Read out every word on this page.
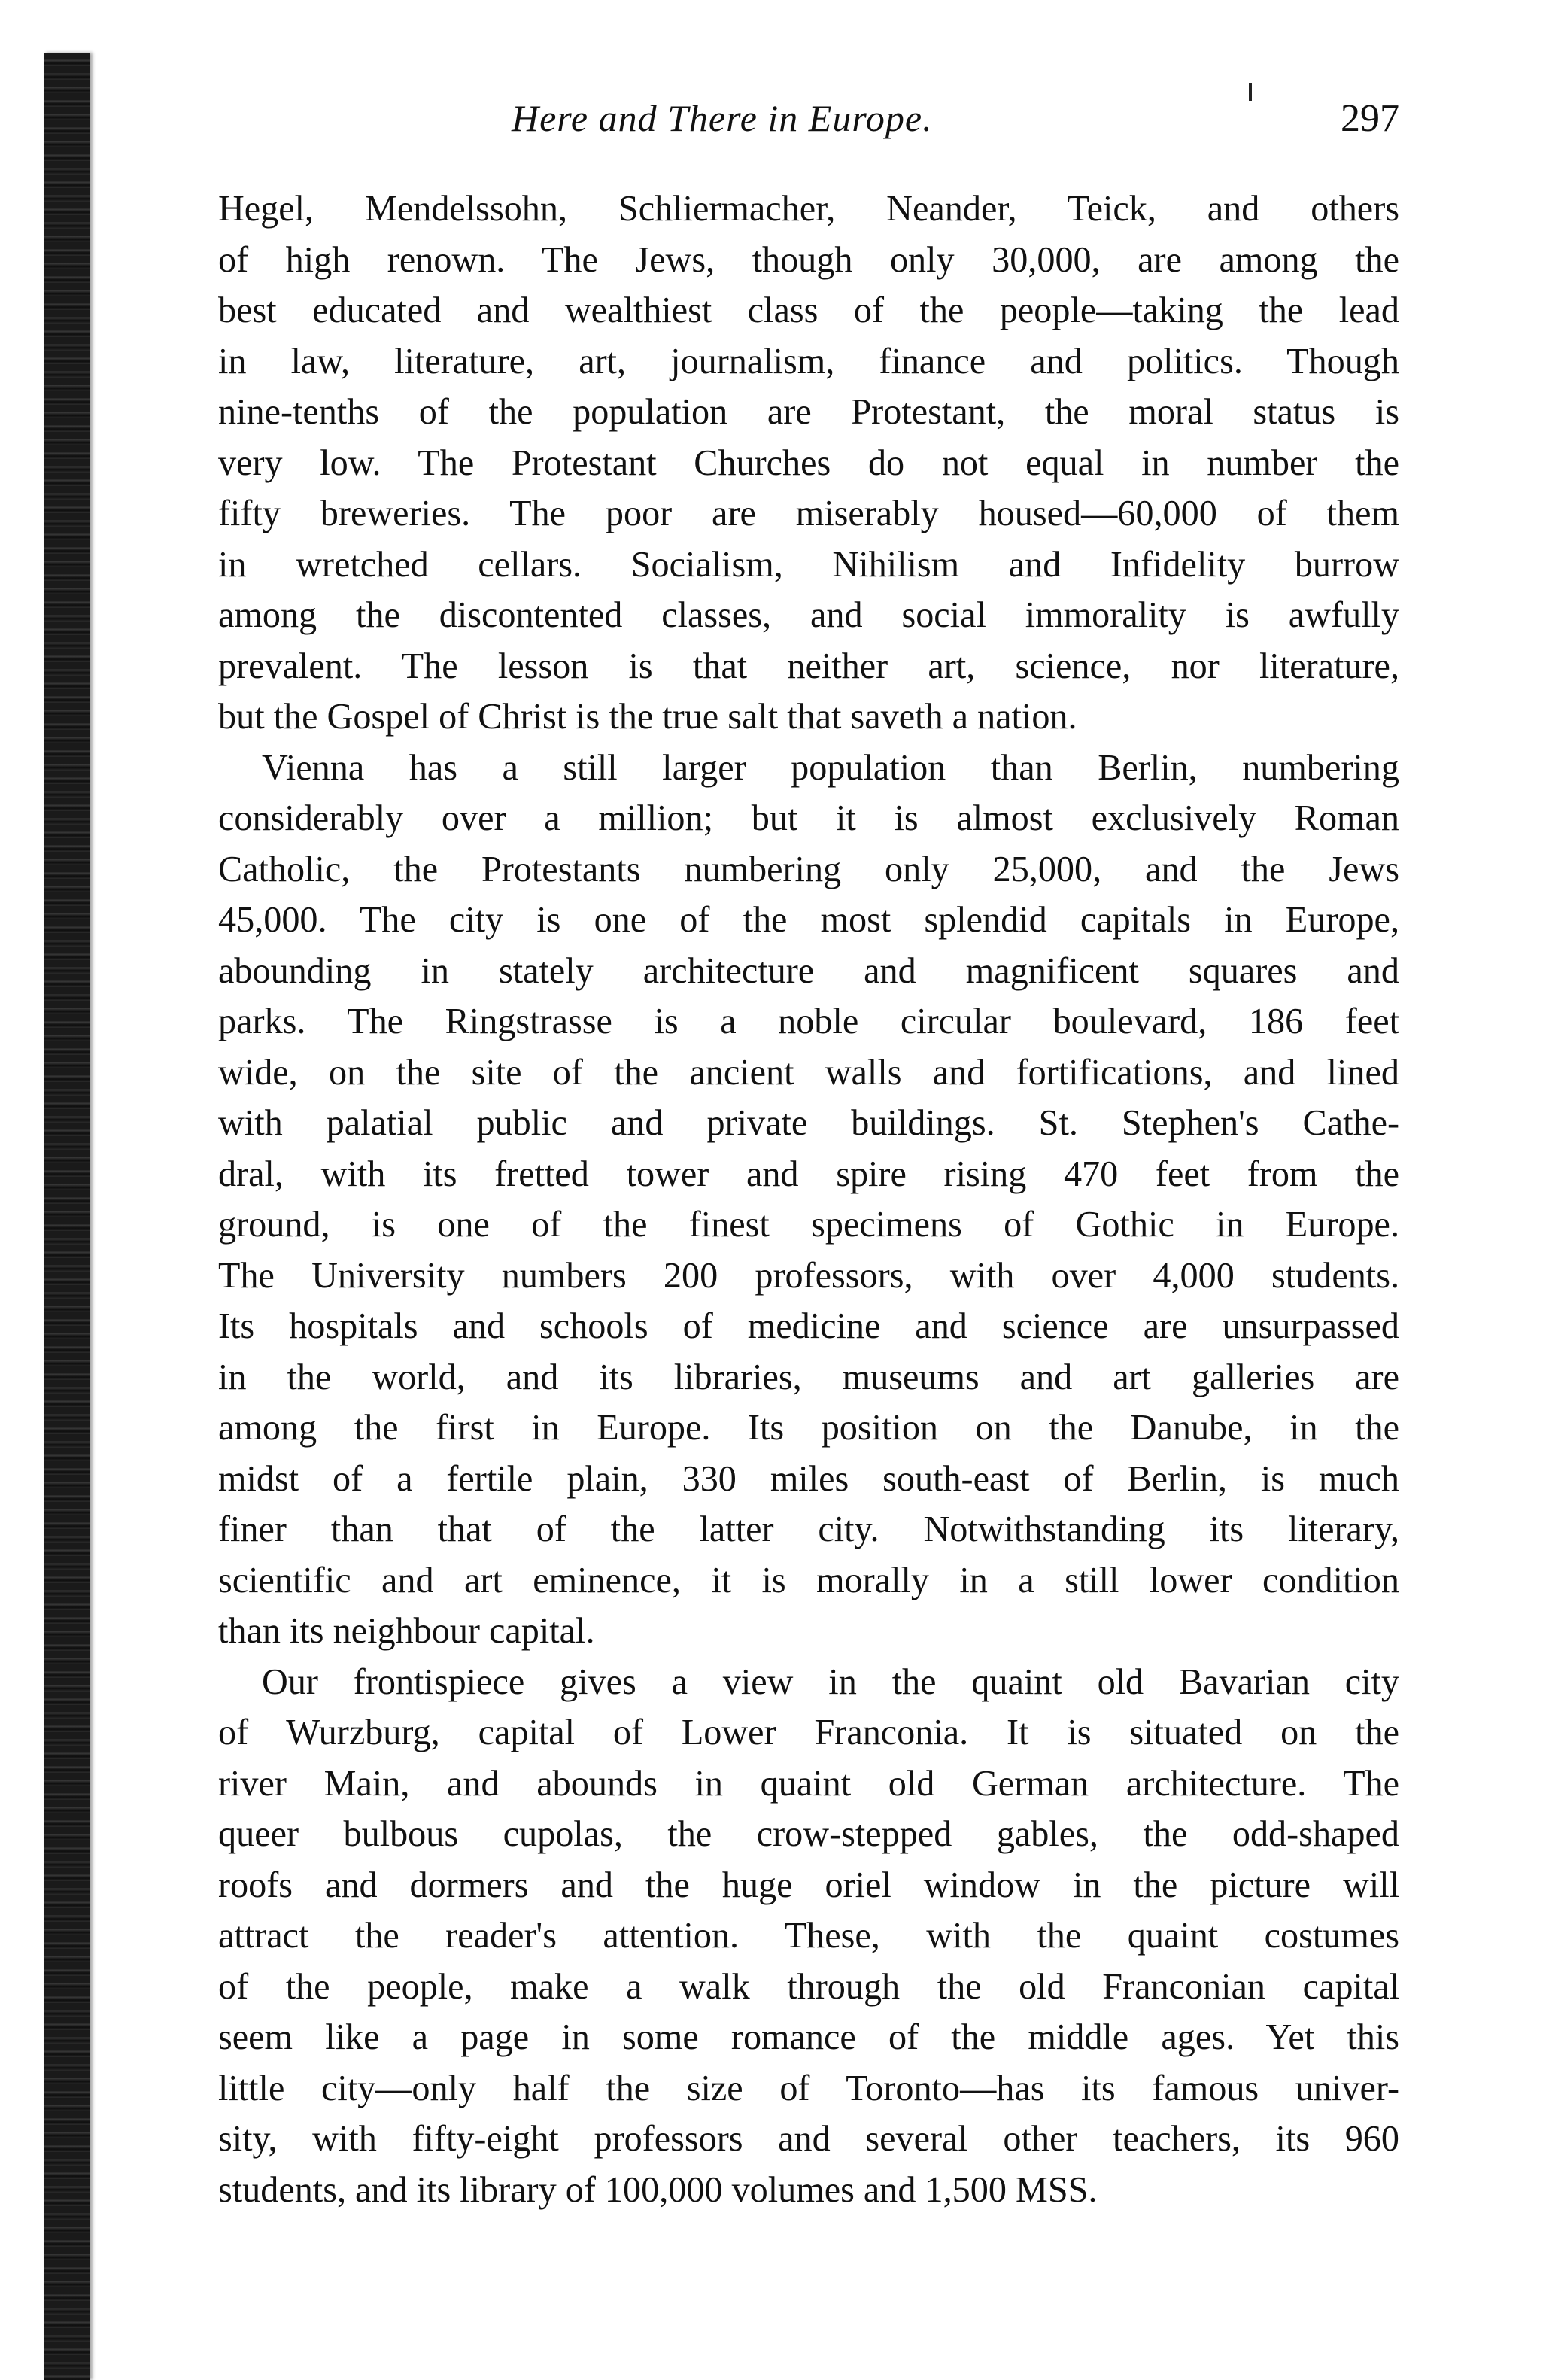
Here and There in Europe.	297

Hegel, Mendelssohn, Schliermacher, Neander, Teick, and others
of high renown. The Jews, though only 30,000, are among the
best educated and wealthiest class of the people—taking the lead
in law, literature, art, journalism, finance and politics. Though
nine-tenths of the population are Protestant, the moral status is
very low. The Protestant Churches do not equal in number the
fifty breweries. The poor are miserably housed—60,000 of them
in wretched cellars. Socialism, Nihilism and Infidelity burrow
among the discontented classes, and social immorality is awfully
prevalent. The lesson is that neither art, science, nor literature,
but the Gospel of Christ is the true salt that saveth a nation.

Vienna has a still larger population than Berlin, numbering
considerably over a million; but it is almost exclusively Roman
Catholic, the Protestants numbering only 25,000, and the Jews
45,000. The city is one of the most splendid capitals in Europe,
abounding in stately architecture and magnificent squares and
parks. The Ringstrasse is a noble circular boulevard, 186 feet
wide, on the site of the ancient walls and fortifications, and lined
with palatial public and private buildings. St. Stephen's Cathe-
dral, with its fretted tower and spire rising 470 feet from the
ground, is one of the finest specimens of Gothic in Europe.
The University numbers 200 professors, with over 4,000 students.
Its hospitals and schools of medicine and science are unsurpassed
in the world, and its libraries, museums and art galleries are
among the first in Europe. Its position on the Danube, in the
midst of a fertile plain, 330 miles south-east of Berlin, is much
finer than that of the latter city. Notwithstanding its literary,
scientific and art eminence, it is morally in a still lower condition
than its neighbour capital.

Our frontispiece gives a view in the quaint old Bavarian city
of Wurzburg, capital of Lower Franconia. It is situated on the
river Main, and abounds in quaint old German architecture. The
queer bulbous cupolas, the crow-stepped gables, the odd-shaped
roofs and dormers and the huge oriel window in the picture will
attract the reader's attention. These, with the quaint costumes
of the people, make a walk through the old Franconian capital
seem like a page in some romance of the middle ages. Yet this
little city—only half the size of Toronto—has its famous univer-
sity, with fifty-eight professors and several other teachers, its 960
students, and its library of 100,000 volumes and 1,500 MSS.
